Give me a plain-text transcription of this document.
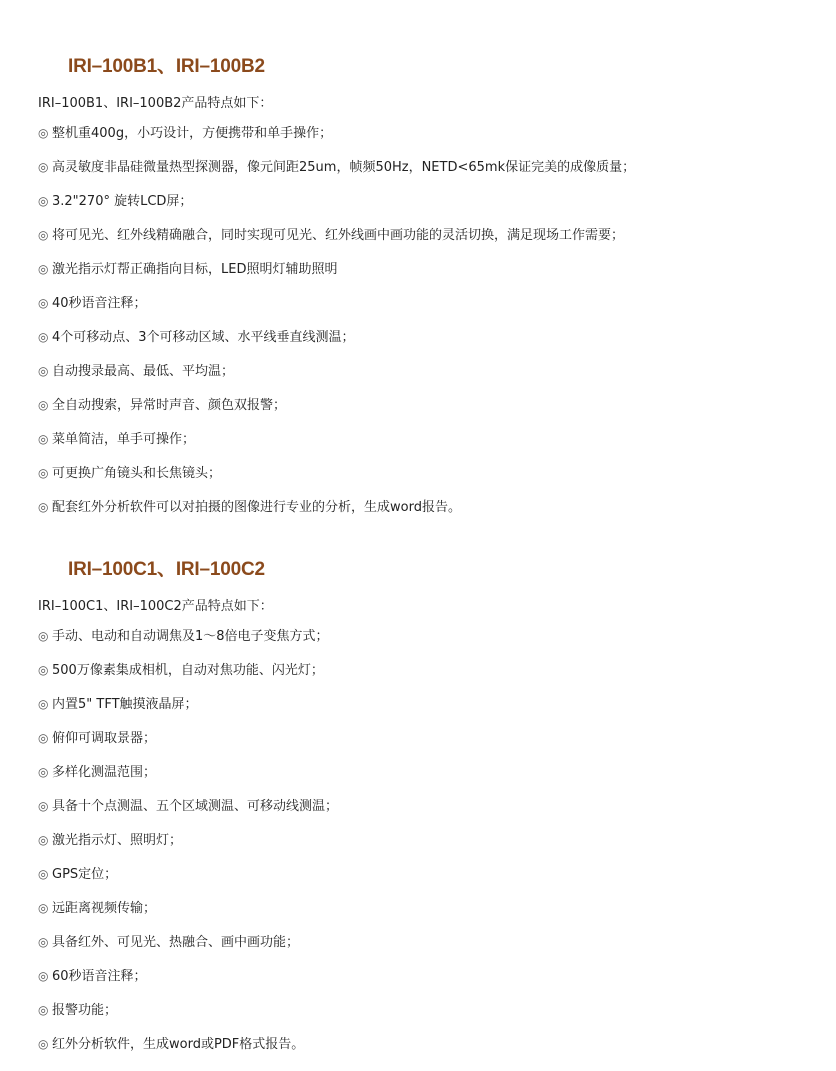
IRI–100B1、IRI–100B2

IRI–100B1、IRI–100B2产品特点如下：

◎ 整机重400g，小巧设计，方便携带和单手操作；
◎ 高灵敏度非晶硅微量热型探测器，像元间距25um，帧频50Hz，NETD<65mk保证完美的成像质量；
◎ 3.2"270° 旋转LCD屏；
◎ 将可见光、红外线精确融合，同时实现可见光、红外线画中画功能的灵活切换，满足现场工作需要；
◎ 激光指示灯帮正确指向目标，LED照明灯辅助照明
◎ 40秒语音注释；
◎ 4个可移动点、3个可移动区域、水平线垂直线测温；
◎ 自动搜录最高、最低、平均温；
◎ 全自动搜索，异常时声音、颜色双报警；
◎ 菜单简洁，单手可操作；
◎ 可更换广角镜头和长焦镜头；
◎ 配套红外分析软件可以对拍摄的图像进行专业的分析，生成word报告。
IRI–100C1、IRI–100C2

IRI–100C1、IRI–100C2产品特点如下：

◎ 手动、电动和自动调焦及1～8倍电子变焦方式；
◎ 500万像素集成相机，自动对焦功能、闪光灯；
◎ 内置5" TFT触摸液晶屏；
◎ 俯仰可调取景器；
◎ 多样化测温范围；
◎ 具备十个点测温、五个区域测温、可移动线测温；
◎ 激光指示灯、照明灯；
◎ GPS定位；
◎ 远距离视频传输；
◎ 具备红外、可见光、热融合、画中画功能；
◎ 60秒语音注释；
◎ 报警功能；
◎ 红外分析软件，生成word或PDF格式报告。
